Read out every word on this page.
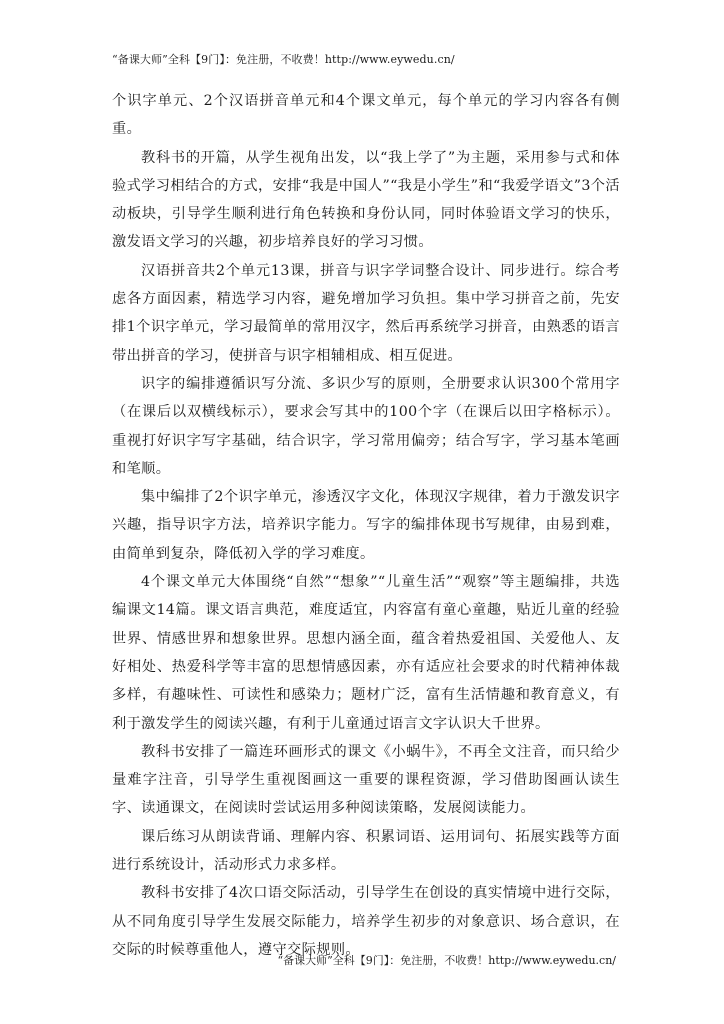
“备课大师”全科【9门】：免注册，不收费！http://www.eywedu.cn/

个识字单元、2个汉语拼音单元和4个课文单元，每个单元的学习内容各有侧重。

教科书的开篇，从学生视角出发，以“我上学了”为主题，采用参与式和体验式学习相结合的方式，安排“我是中国人”“我是小学生”和“我爱学语文”3个活动板块，引导学生顺利进行角色转换和身份认同，同时体验语文学习的快乐，激发语文学习的兴趣，初步培养良好的学习习惯。

汉语拼音共2个单元13课，拼音与识字学词整合设计、同步进行。综合考虑各方面因素，精选学习内容，避免增加学习负担。集中学习拼音之前，先安排1个识字单元，学习最简单的常用汉字，然后再系统学习拼音，由熟悉的语言带出拼音的学习，使拼音与识字相辅相成、相互促进。

识字的编排遵循识写分流、多识少写的原则，全册要求认识300个常用字（在课后以双横线标示），要求会写其中的100个字（在课后以田字格标示）。重视打好识字写字基础，结合识字，学习常用偏旁；结合写字，学习基本笔画和笔顺。

集中编排了2个识字单元，渗透汉字文化，体现汉字规律，着力于激发识字兴趣，指导识字方法，培养识字能力。写字的编排体现书写规律，由易到难，由简单到复杂，降低初入学的学习难度。

4个课文单元大体围绕“自然”“想象”“儿童生活”“观察”等主题编排，共选编课文14篇。课文语言典范，难度适宜，内容富有童心童趣，贴近儿童的经验世界、情感世界和想象世界。思想内涵全面，蕴含着热爱祖国、关爱他人、友好相处、热爱科学等丰富的思想情感因素，亦有适应社会要求的时代精神体裁多样，有趣味性、可读性和感染力；题材广泛，富有生活情趣和教育意义，有利于激发学生的阅读兴趣，有利于儿童通过语言文字认识大千世界。

教科书安排了一篇连环画形式的课文《小蜗牛》，不再全文注音，而只给少量难字注音，引导学生重视图画这一重要的课程资源，学习借助图画认读生字、读通课文，在阅读时尝试运用多种阅读策略，发展阅读能力。

课后练习从朗读背诵、理解内容、积累词语、运用词句、拓展实践等方面进行系统设计，活动形式力求多样。

教科书安排了4次口语交际活动，引导学生在创设的真实情境中进行交际，从不同角度引导学生发展交际能力，培养学生初步的对象意识、场合意识，在交际的时候尊重他人，遵守交际规则。

“备课大师”全科【9门】：免注册，不收费！http://www.eywedu.cn/
